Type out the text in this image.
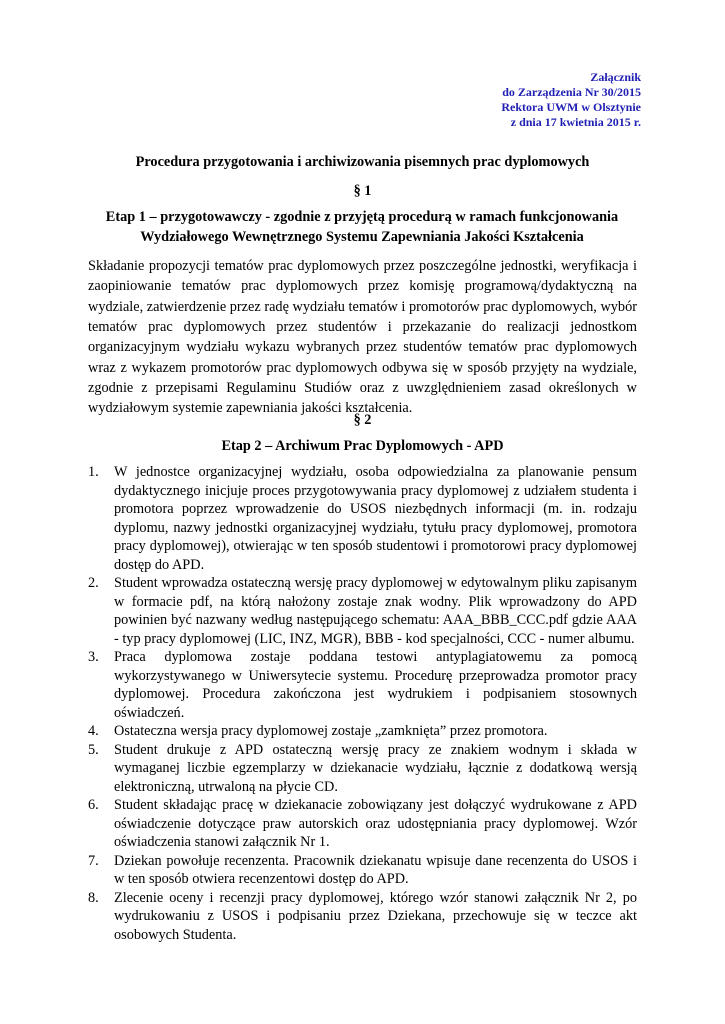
Załącznik
do Zarządzenia Nr 30/2015
Rektora UWM w Olsztynie
z dnia 17 kwietnia 2015 r.
Procedura przygotowania i archiwizowania pisemnych prac dyplomowych
§ 1
Etap 1 – przygotowawczy - zgodnie z przyjętą procedurą w ramach funkcjonowania
Wydziałowego Wewnętrznego Systemu Zapewniania Jakości Kształcenia
Składanie propozycji tematów prac dyplomowych przez poszczególne jednostki, weryfikacja i zaopiniowanie tematów prac dyplomowych przez komisję programową/dydaktyczną na wydziale, zatwierdzenie przez radę wydziału tematów i promotorów prac dyplomowych, wybór tematów prac dyplomowych przez studentów i przekazanie do realizacji jednostkom organizacyjnym wydziału wykazu wybranych przez studentów tematów prac dyplomowych wraz z wykazem promotorów prac dyplomowych odbywa się w sposób przyjęty na wydziale, zgodnie z przepisami Regulaminu Studiów oraz z uwzględnieniem zasad określonych w wydziałowym systemie zapewniania jakości kształcenia.
§ 2
Etap 2 – Archiwum Prac Dyplomowych - APD
1. W jednostce organizacyjnej wydziału, osoba odpowiedzialna za planowanie pensum dydaktycznego inicjuje proces przygotowywania pracy dyplomowej z udziałem studenta i promotora poprzez wprowadzenie do USOS niezbędnych informacji (m. in. rodzaju dyplomu, nazwy jednostki organizacyjnej wydziału, tytułu pracy dyplomowej, promotora pracy dyplomowej), otwierając w ten sposób studentowi i promotorowi pracy dyplomowej dostęp do APD.
2. Student wprowadza ostateczną wersję pracy dyplomowej w edytowalnym pliku zapisanym w formacie pdf, na którą nałożony zostaje znak wodny. Plik wprowadzony do APD powinien być nazwany według następującego schematu: AAA_BBB_CCC.pdf gdzie AAA - typ pracy dyplomowej (LIC, INZ, MGR), BBB - kod specjalności, CCC - numer albumu.
3. Praca dyplomowa zostaje poddana testowi antyplagiatowemu za pomocą wykorzystywanego w Uniwersytecie systemu. Procedurę przeprowadza promotor pracy dyplomowej. Procedura zakończona jest wydrukiem i podpisaniem stosownych oświadczeń.
4. Ostateczna wersja pracy dyplomowej zostaje „zamknięta” przez promotora.
5. Student drukuje z APD ostateczną wersję pracy ze znakiem wodnym i składa w wymaganej liczbie egzemplarzy w dziekanacie wydziału, łącznie z dodatkową wersją elektroniczną, utrwaloną na płycie CD.
6. Student składając pracę w dziekanacie zobowiązany jest dołączyć wydrukowane z APD oświadczenie dotyczące praw autorskich oraz udostępniania pracy dyplomowej. Wzór oświadczenia stanowi załącznik Nr 1.
7. Dziekan powołuje recenzenta. Pracownik dziekanatu wpisuje dane recenzenta do USOS i w ten sposób otwiera recenzentowi dostęp do APD.
8. Zlecenie oceny i recenzji pracy dyplomowej, którego wzór stanowi załącznik Nr 2, po wydrukowaniu z USOS i podpisaniu przez Dziekana, przechowuje się w teczce akt osobowych Studenta.
